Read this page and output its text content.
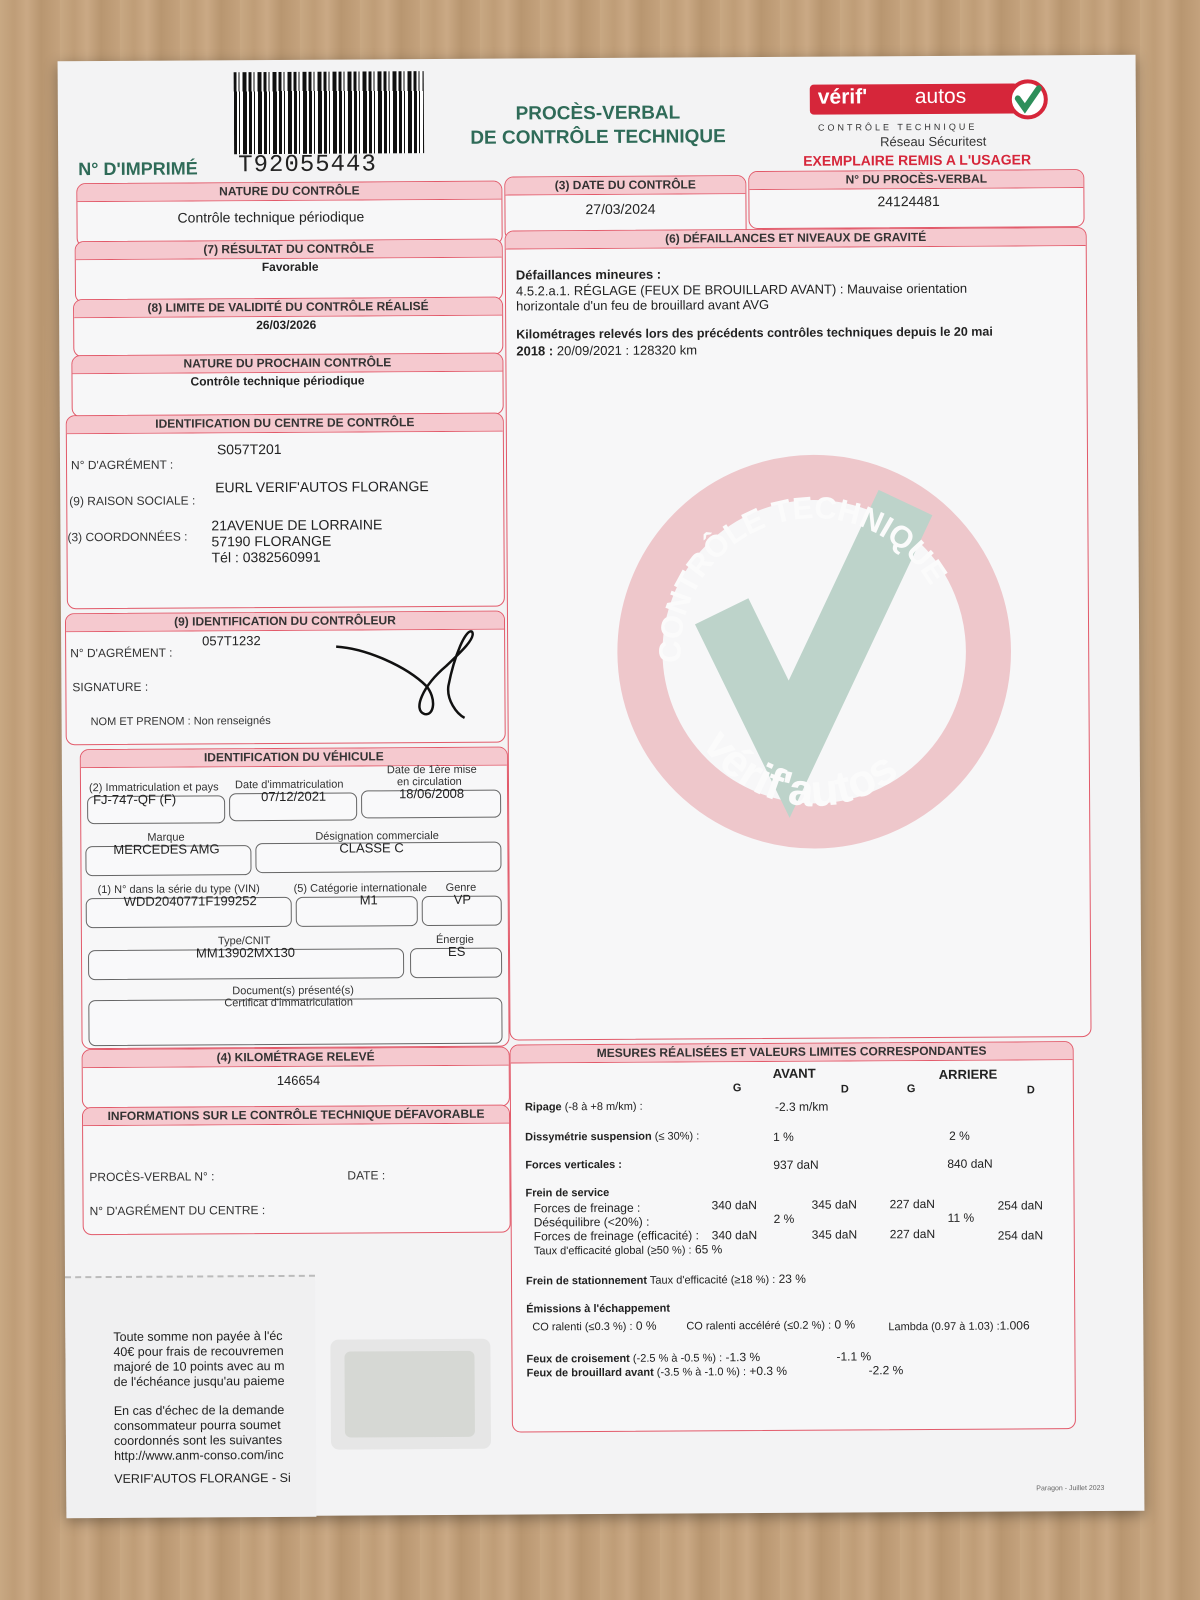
N° D'IMPRIMÉ T92055443
PROCÈS-VERBAL
DE CONTRÔLE TECHNIQUE
vérif' autos
CONTRÔLE TECHNIQUE
Réseau Sécuritest
EXEMPLAIRE REMIS A L'USAGER
NATURE DU CONTRÔLE
Contrôle technique périodique
(3) DATE DU CONTRÔLE
27/03/2024
N° DU PROCÈS-VERBAL
24124481
(7) RÉSULTAT DU CONTRÔLE
Favorable
(8) LIMITE DE VALIDITÉ DU CONTRÔLE RÉALISÉ
26/03/2026
NATURE DU PROCHAIN CONTRÔLE
Contrôle technique périodique
IDENTIFICATION DU CENTRE DE CONTRÔLE
N° D'AGRÉMENT :
S057T201
(9) RAISON SOCIALE :
EURL VERIF'AUTOS FLORANGE
(3) COORDONNÉES :
21AVENUE DE LORRAINE
57190 FLORANGE
Tél : 0382560991
(9) IDENTIFICATION DU CONTRÔLEUR
N° D'AGRÉMENT :
057T1232
SIGNATURE :
NOM ET PRENOM : Non renseignés
IDENTIFICATION DU VÉHICULE
(2) Immatriculation et pays
FJ-747-QF (F)
Date d'immatriculation
07/12/2021
Date de 1ère mise
en circulation
18/06/2008
Marque
MERCEDES AMG
Désignation commerciale
CLASSE C
(1) N° dans la série du type (VIN)
WDD2040771F199252
(5) Catégorie internationale
M1
Genre
VP
Type/CNIT
MM13902MX130
Énergie
ES
Document(s) présenté(s)
Certificat d'immatriculation
(4) KILOMÉTRAGE RELEVÉ
146654
INFORMATIONS SUR LE CONTRÔLE TECHNIQUE DÉFAVORABLE
PROCÈS-VERBAL N° :	DATE :
N° D'AGRÉMENT DU CENTRE :
(6) DÉFAILLANCES ET NIVEAUX DE GRAVITÉ
Défaillances mineures :
4.5.2.a.1. RÉGLAGE (FEUX DE BROUILLARD AVANT) : Mauvaise orientation
horizontale d'un feu de brouillard avant AVG
Kilométrages relevés lors des précédents contrôles techniques depuis le 20 mai
2018 : 20/09/2021 : 128320 km
CONTRÔLE TECHNIQUE
vérif'autos
MESURES RÉALISÉES ET VALEURS LIMITES CORRESPONDANTES
AVANT	ARRIERE
G	D	G	D
Ripage (-8 à +8 m/km) :	-2.3 m/km
Dissymétrie suspension (≤ 30%) :	1 %	2 %
Forces verticales :	937 daN	840 daN
Frein de service
Forces de freinage :	340 daN	345 daN	227 daN	254 daN
Déséquilibre (<20%) :	2 %	11 %
Forces de freinage (efficacité) : 340 daN	345 daN	227 daN	254 daN
Taux d'efficacité global (≥50 %) : 65 %
Frein de stationnement Taux d'efficacité (≥18 %) : 23 %
Émissions à l'échappement
CO ralenti (≤0.3 %) : 0 %	CO ralenti accéléré (≤0.2 %) : 0 %	Lambda (0.97 à 1.03) :1.006
Feux de croisement (-2.5 % à -0.5 %) : -1.3 %	-1.1 %
Feux de brouillard avant (-3.5 % à -1.0 %) : +0.3 %	-2.2 %

Toute somme non payée à l'éc

40€ pour frais de recouvremen

majoré de 10 points avec au m

de l'échéance jusqu'au paieme

En cas d'échec de la demande

consommateur pourra soumet

coordonnés sont les suivantes

http://www.anm-conso.com/inc

VERIF'AUTOS FLORANGE - Si

Paragon - Juillet 2023
